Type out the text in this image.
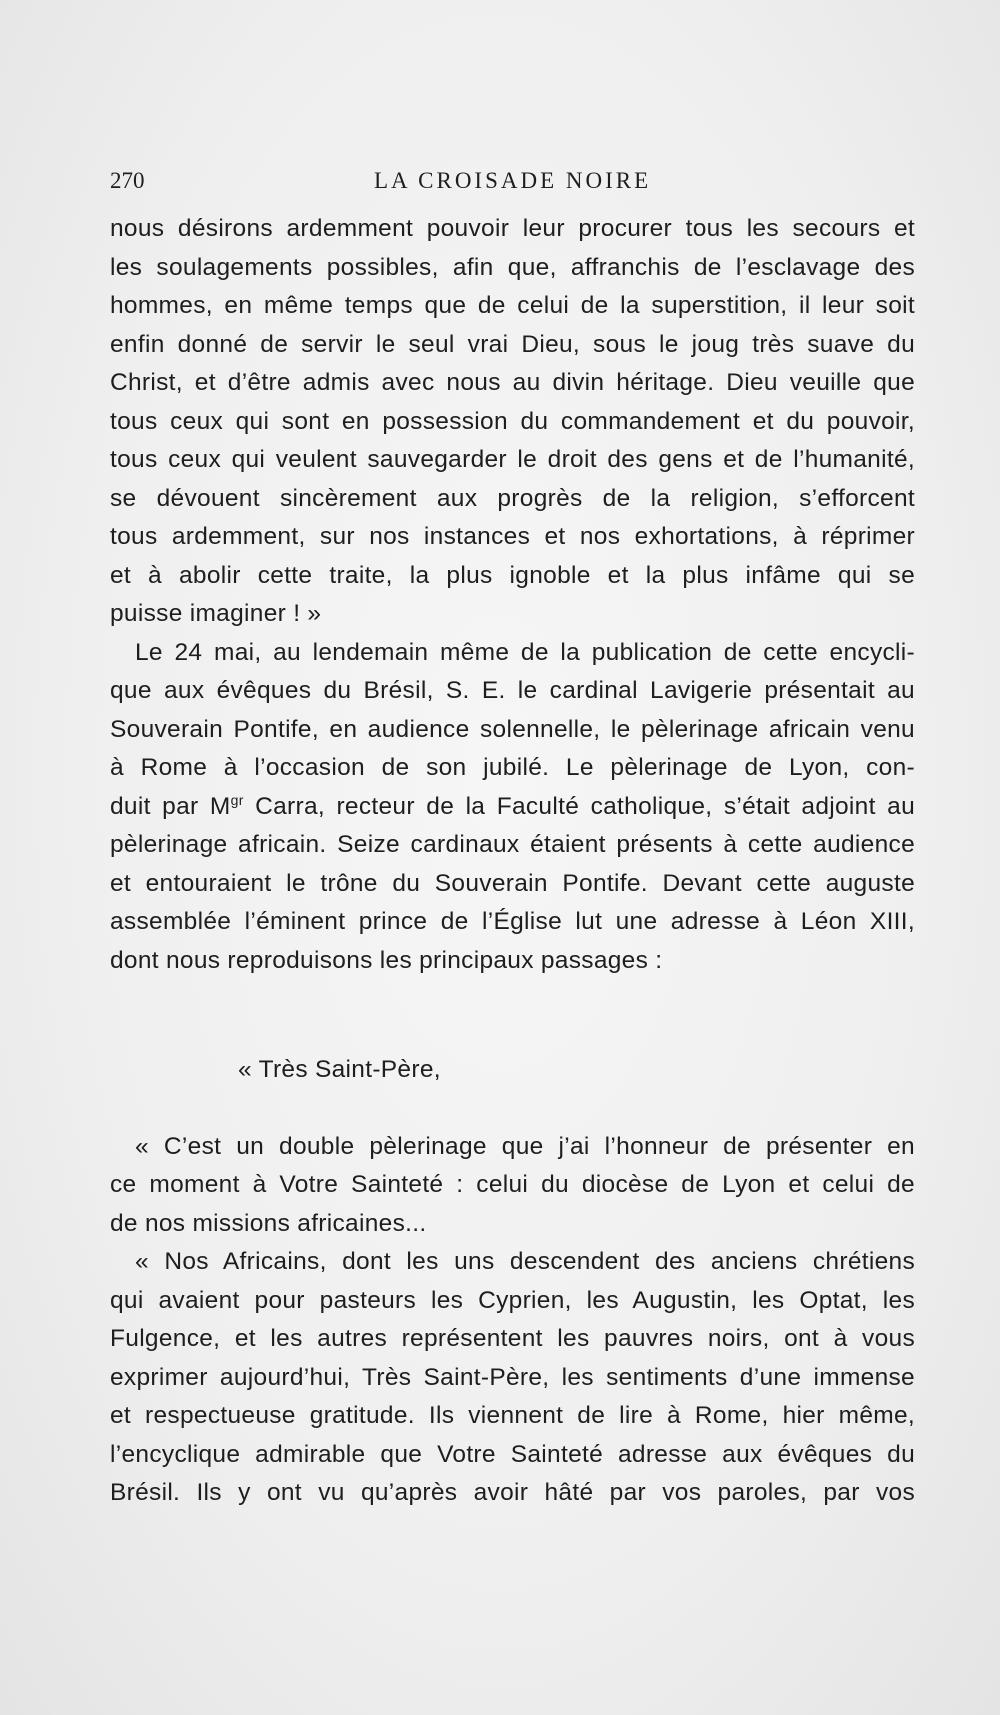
270	LA CROISADE NOIRE
nous désirons ardemment pouvoir leur procurer tous les secours et
les soulagements possibles, afin que, affranchis de l’esclavage des
hommes, en même temps que de celui de la superstition, il leur soit
enfin donné de servir le seul vrai Dieu, sous le joug très suave du
Christ, et d’être admis avec nous au divin héritage. Dieu veuille que
tous ceux qui sont en possession du commandement et du pouvoir,
tous ceux qui veulent sauvegarder le droit des gens et de l’humanité,
se dévouent sincèrement aux progrès de la religion, s’efforcent
tous ardemment, sur nos instances et nos exhortations, à réprimer
et à abolir cette traite, la plus ignoble et la plus infâme qui se
puisse imaginer ! »
Le 24 mai, au lendemain même de la publication de cette encycli-
que aux évêques du Brésil, S. E. le cardinal Lavigerie présentait au
Souverain Pontife, en audience solennelle, le pèlerinage africain venu
à Rome à l’occasion de son jubilé. Le pèlerinage de Lyon, con-
duit par $M^{gr}$ Carra, recteur de la Faculté catholique, s’était adjoint au
pèlerinage africain. Seize cardinaux étaient présents à cette audience
et entouraient le trône du Souverain Pontife. Devant cette auguste
assemblée l’éminent prince de l’Église lut une adresse à Léon XIII,
dont nous reproduisons les principaux passages :
« Très Saint-Père,
« C’est un double pèlerinage que j’ai l’honneur de présenter en
ce moment à Votre Sainteté : celui du diocèse de Lyon et celui de
de nos missions africaines...
« Nos Africains, dont les uns descendent des anciens chrétiens
qui avaient pour pasteurs les Cyprien, les Augustin, les Optat, les
Fulgence, et les autres représentent les pauvres noirs, ont à vous
exprimer aujourd’hui, Très Saint-Père, les sentiments d’une immense
et respectueuse gratitude. Ils viennent de lire à Rome, hier même,
l’encyclique admirable que Votre Sainteté adresse aux évêques du
Brésil. Ils y ont vu qu’après avoir hâté par vos paroles, par vos
